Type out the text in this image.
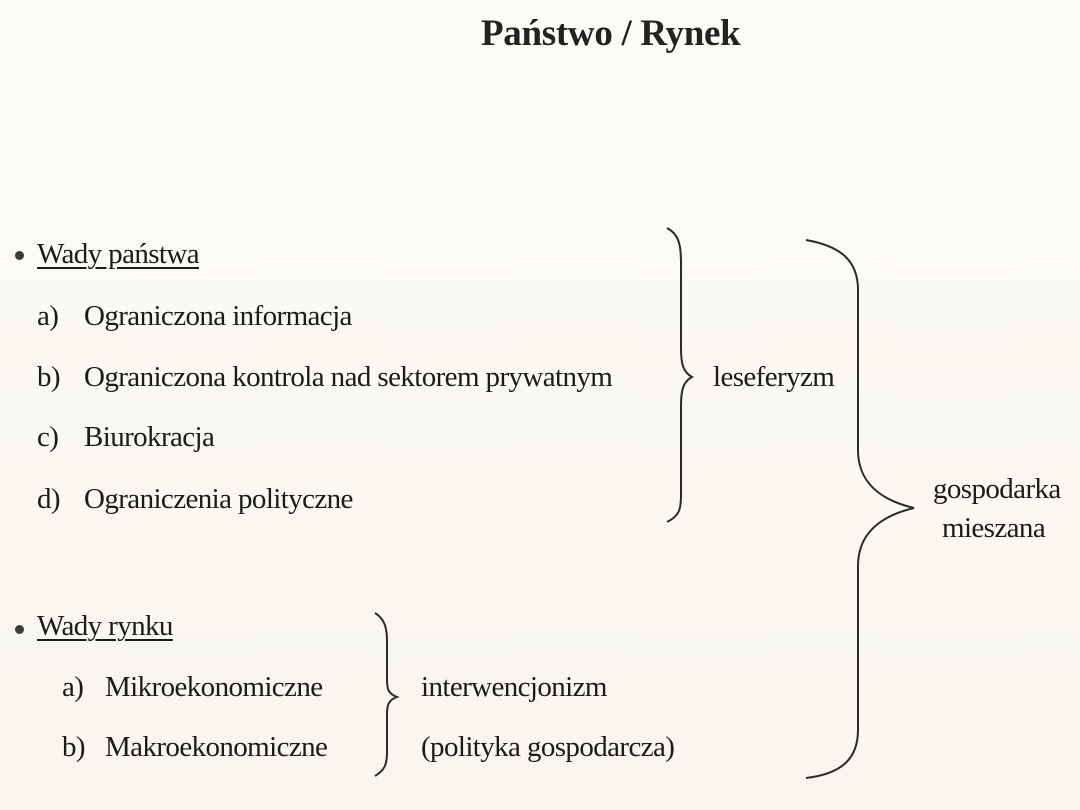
Państwo / Rynek
Wady państwa
a) Ograniczona informacja
b) Ograniczona kontrola nad sektorem prywatnym
c) Biurokracja
d) Ograniczenia polityczne
leseferyzm
Wady rynku
a) Mikroekonomiczne
b) Makroekonomiczne
interwencjonizm
(polityka gospodarcza)
gospodarka
mieszana
